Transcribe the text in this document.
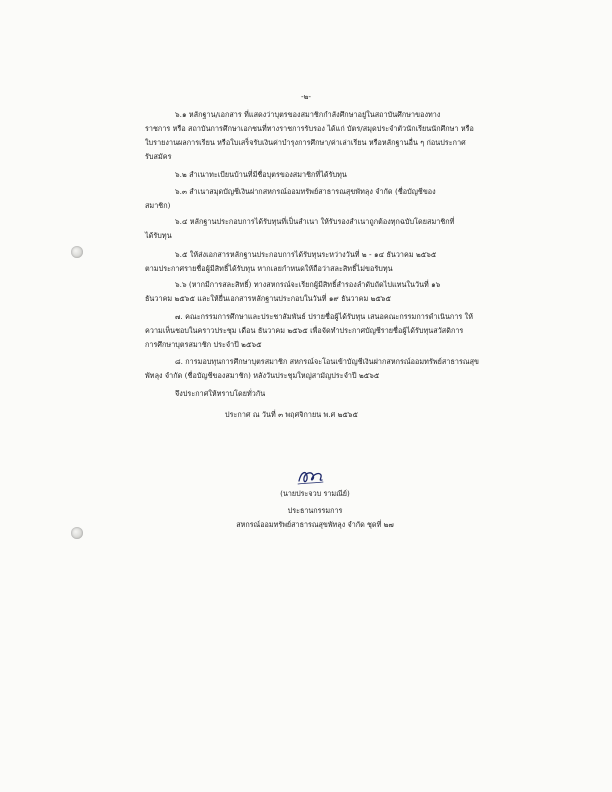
-๒-
๖.๑ หลักฐาน/เอกสาร ที่แสดงว่าบุตรของสมาชิกกำลังศึกษาอยู่ในสถาบันศึกษาของทาง
ราชการ หรือ สถาบันการศึกษาเอกชนที่ทางราชการรับรอง ได้แก่ บัตร/สมุดประจำตัวนักเรียนนักศึกษา หรือ
ใบรายงานผลการเรียน หรือใบเสร็จรับเงินค่าบำรุงการศึกษา/ค่าเล่าเรียน หรือหลักฐานอื่น ๆ ก่อนประกาศ
รับสมัคร
๖.๒ สำเนาทะเบียนบ้านที่มีชื่อบุตรของสมาชิกที่ได้รับทุน
๖.๓ สำเนาสมุดบัญชีเงินฝากสหกรณ์ออมทรัพย์สาธารณสุขพัทลุง จำกัด (ชื่อบัญชีของ
สมาชิก)
๖.๔ หลักฐานประกอบการได้รับทุนที่เป็นสำเนา ให้รับรองสำเนาถูกต้องทุกฉบับโดยสมาชิกที่
ได้รับทุน
๖.๕ ให้ส่งเอกสารหลักฐานประกอบการได้รับทุนระหว่างวันที่ ๒ - ๑๔ ธันวาคม ๒๕๖๕
ตามประกาศรายชื่อผู้มีสิทธิ์ได้รับทุน หากเลยกำหนดให้ถือว่าสละสิทธิ์ไม่ขอรับทุน
๖.๖ (หากมีการสละสิทธิ์) ทางสหกรณ์จะเรียกผู้มีสิทธิ์สำรองลำดับถัดไปแทนในวันที่ ๑๖
ธันวาคม ๒๕๖๕ และให้ยื่นเอกสารหลักฐานประกอบในวันที่ ๑๙ ธันวาคม ๒๕๖๕
๗. คณะกรรมการศึกษาและประชาสัมพันธ์ ปรายชื่อผู้ได้รับทุน เสนอคณะกรรมการดำเนินการ ให้
ความเห็นชอบในคราวประชุม เดือน ธันวาคม ๒๕๖๕ เพื่อจัดทำประกาศบัญชีรายชื่อผู้ได้รับทุนสวัสดิการ
การศึกษาบุตรสมาชิก ประจำปี ๒๕๖๕
๘. การมอบทุนการศึกษาบุตรสมาชิก สหกรณ์จะโอนเข้าบัญชีเงินฝากสหกรณ์ออมทรัพย์สาธารณสุข
พัทลุง จำกัด (ชื่อบัญชีของสมาชิก) หลังวันประชุมใหญ่สามัญประจำปี ๒๕๖๕
จึงประกาศให้ทราบโดยทั่วกัน
ประกาศ ณ วันที่ ๓ พฤศจิกายน พ.ศ ๒๕๖๕
(นายประจวบ รามณีย์)
ประธานกรรมการ
สหกรณ์ออมทรัพย์สาธารณสุขพัทลุง จำกัด ชุดที่ ๒๗
